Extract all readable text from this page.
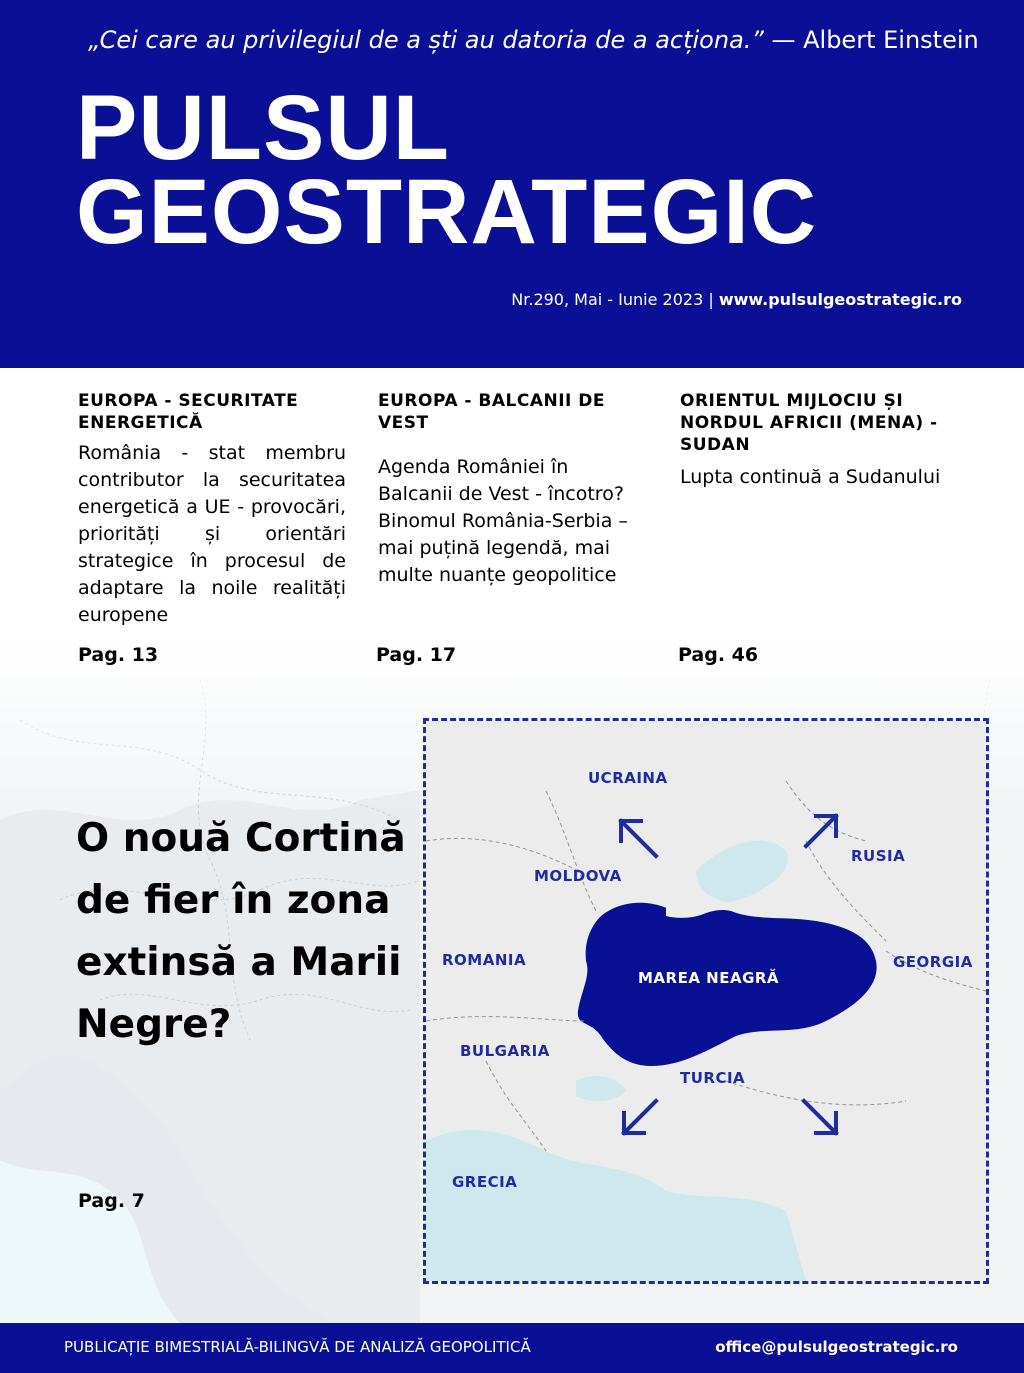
„Cei care au privilegiul de a ști au datoria de a acționa.” — Albert Einstein
PULSUL
GEOSTRATEGIC
Nr.290, Mai - Iunie 2023 | www.pulsulgeostrategic.ro
EUROPA - SECURITATE ENERGETICĂ
România - stat membru contributor la securitatea energetică a UE - provocări, priorități și orientări strategice în procesul de adaptare la noile realități europene
Pag. 13
EUROPA - BALCANII DE VEST
Agenda României în Balcanii de Vest - încotro? Binomul România-Serbia – mai puțină legendă, mai multe nuanțe geopolitice
Pag. 17
ORIENTUL MIJLOCIU ȘI NORDUL AFRICII (MENA) - SUDAN
Lupta continuă a Sudanului
Pag. 46
O nouă Cortină de fier în zona extinsă a Marii Negre?
Pag. 7
UCRAINA
RUSIA
MOLDOVA
ROMANIA	GEORGIA
MAREA NEAGRĂ
BULGARIA
TURCIA
GRECIA
PUBLICAȚIE BIMESTRIALĂ-BILINGVĂ DE ANALIZĂ GEOPOLITICĂ	office@pulsulgeostrategic.ro
